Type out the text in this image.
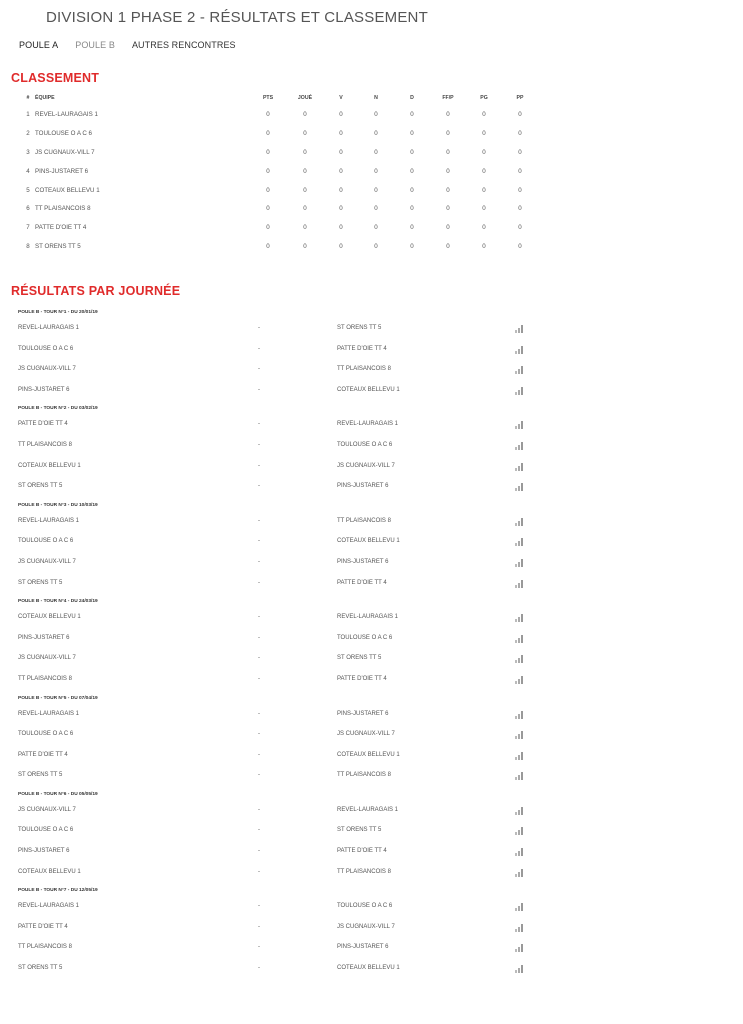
DIVISION 1 PHASE 2 - RÉSULTATS ET CLASSEMENT
POULE A POULE B AUTRES RENCONTRES
CLASSEMENT
#	ÉQUIPE	PTS	JOUÉ	V	N	D	FF/P	PG	PP
1 REVEL-LAURAGAIS 1	0	0	0	0	0	0	0	0
2 TOULOUSE O A C 6	0	0	0	0	0	0	0	0
3 JS CUGNAUX-VILL 7	0	0	0	0	0	0	0	0
4 PINS-JUSTARET 6	0	0	0	0	0	0	0	0
5 COTEAUX BELLEVU 1	0	0	0	0	0	0	0	0
6 TT PLAISANCOIS 8	0	0	0	0	0	0	0	0
7 PATTE D'OIE TT 4	0	0	0	0	0	0	0	0
8 ST ORENS TT 5	0	0	0	0	0	0	0	0
RÉSULTATS PAR JOURNÉE
POULE B - TOUR N°1 - DU 20/01/19
REVEL-LAURAGAIS 1	-	ST ORENS TT 5
TOULOUSE O A C 6	-	PATTE D'OIE TT 4
JS CUGNAUX-VILL 7	-	TT PLAISANCOIS 8
PINS-JUSTARET 6	-	COTEAUX BELLEVU 1
POULE B - TOUR N°2 - DU 03/02/19
PATTE D'OIE TT 4	-	REVEL-LAURAGAIS 1
TT PLAISANCOIS 8	-	TOULOUSE O A C 6
COTEAUX BELLEVU 1	-	JS CUGNAUX-VILL 7
ST ORENS TT 5	-	PINS-JUSTARET 6
POULE B - TOUR N°3 - DU 10/03/19
REVEL-LAURAGAIS 1	-	TT PLAISANCOIS 8
TOULOUSE O A C 6	-	COTEAUX BELLEVU 1
JS CUGNAUX-VILL 7	-	PINS-JUSTARET 6
ST ORENS TT 5	-	PATTE D'OIE TT 4
POULE B - TOUR N°4 - DU 24/03/19
COTEAUX BELLEVU 1	-	REVEL-LAURAGAIS 1
PINS-JUSTARET 6	-	TOULOUSE O A C 6
JS CUGNAUX-VILL 7	-	ST ORENS TT 5
TT PLAISANCOIS 8	-	PATTE D'OIE TT 4
POULE B - TOUR N°5 - DU 07/04/19
REVEL-LAURAGAIS 1	-	PINS-JUSTARET 6
TOULOUSE O A C 6	-	JS CUGNAUX-VILL 7
PATTE D'OIE TT 4	-	COTEAUX BELLEVU 1
ST ORENS TT 5	-	TT PLAISANCOIS 8
POULE B - TOUR N°6 - DU 05/05/19
JS CUGNAUX-VILL 7	-	REVEL-LAURAGAIS 1
TOULOUSE O A C 6	-	ST ORENS TT 5
PINS-JUSTARET 6	-	PATTE D'OIE TT 4
COTEAUX BELLEVU 1	-	TT PLAISANCOIS 8
POULE B - TOUR N°7 - DU 12/05/19
REVEL-LAURAGAIS 1	-	TOULOUSE O A C 6
PATTE D'OIE TT 4	-	JS CUGNAUX-VILL 7
TT PLAISANCOIS 8	-	PINS-JUSTARET 6
ST ORENS TT 5	-	COTEAUX BELLEVU 1
